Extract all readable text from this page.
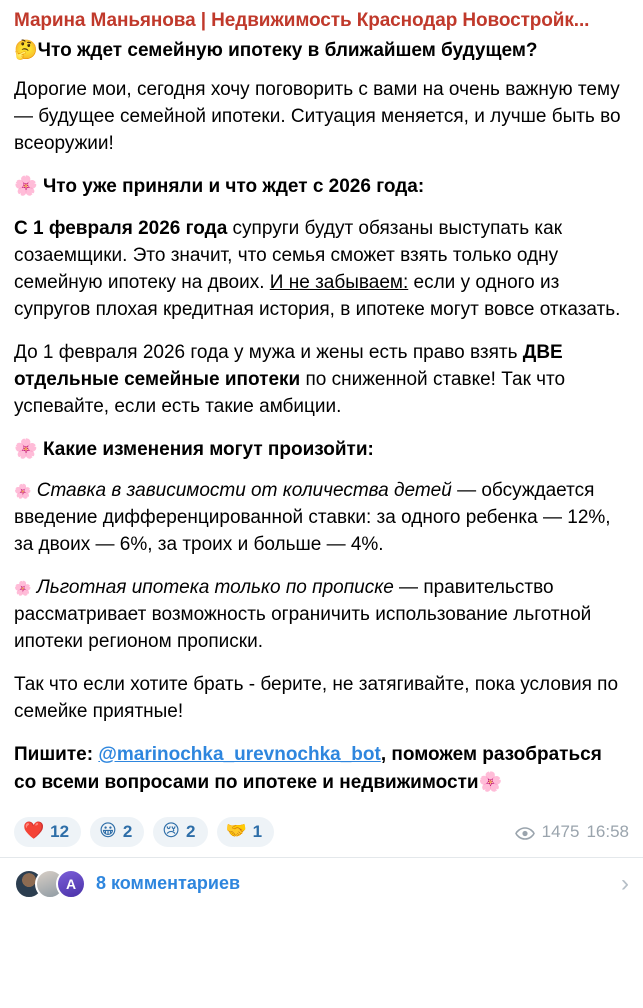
Марина Маньянова | Недвижимость Краснодар Новостройк...
🤔Что ждет семейную ипотеку в ближайшем будущем?

Дорогие мои, сегодня хочу поговорить с вами на очень важную тему — будущее семейной ипотеки. Ситуация меняется, и лучше быть во всеоружии!

🌸 Что уже приняли и что ждет с 2026 года:

С 1 февраля 2026 года супруги будут обязаны выступать как созаемщики. Это значит, что семья сможет взять только одну семейную ипотеку на двоих. И не забываем: если у одного из супругов плохая кредитная история, в ипотеке могут вовсе отказать.

До 1 февраля 2026 года у мужа и жены есть право взять ДВЕ отдельные семейные ипотеки по сниженной ставке! Так что успевайте, если есть такие амбиции.

🌸 Какие изменения могут произойти:

🌸 Ставка в зависимости от количества детей — обсуждается введение дифференцированной ставки: за одного ребенка — 12%, за двоих — 6%, за троих и больше — 4%.

🌸 Льготная ипотека только по прописке — правительство рассматривает возможность ограничить использование льготной ипотеки регионом прописки.

Так что если хотите брать - берите, не затягивайте, пока условия по семейке приятные!

Пишите: @marinochka_urevnochka_bot, поможем разобраться со всеми вопросами по ипотеке и недвижимости🌸

❤️ 12 😀 2 😢 2 🤝 1	1475 16:58
A	8 комментариев	›
